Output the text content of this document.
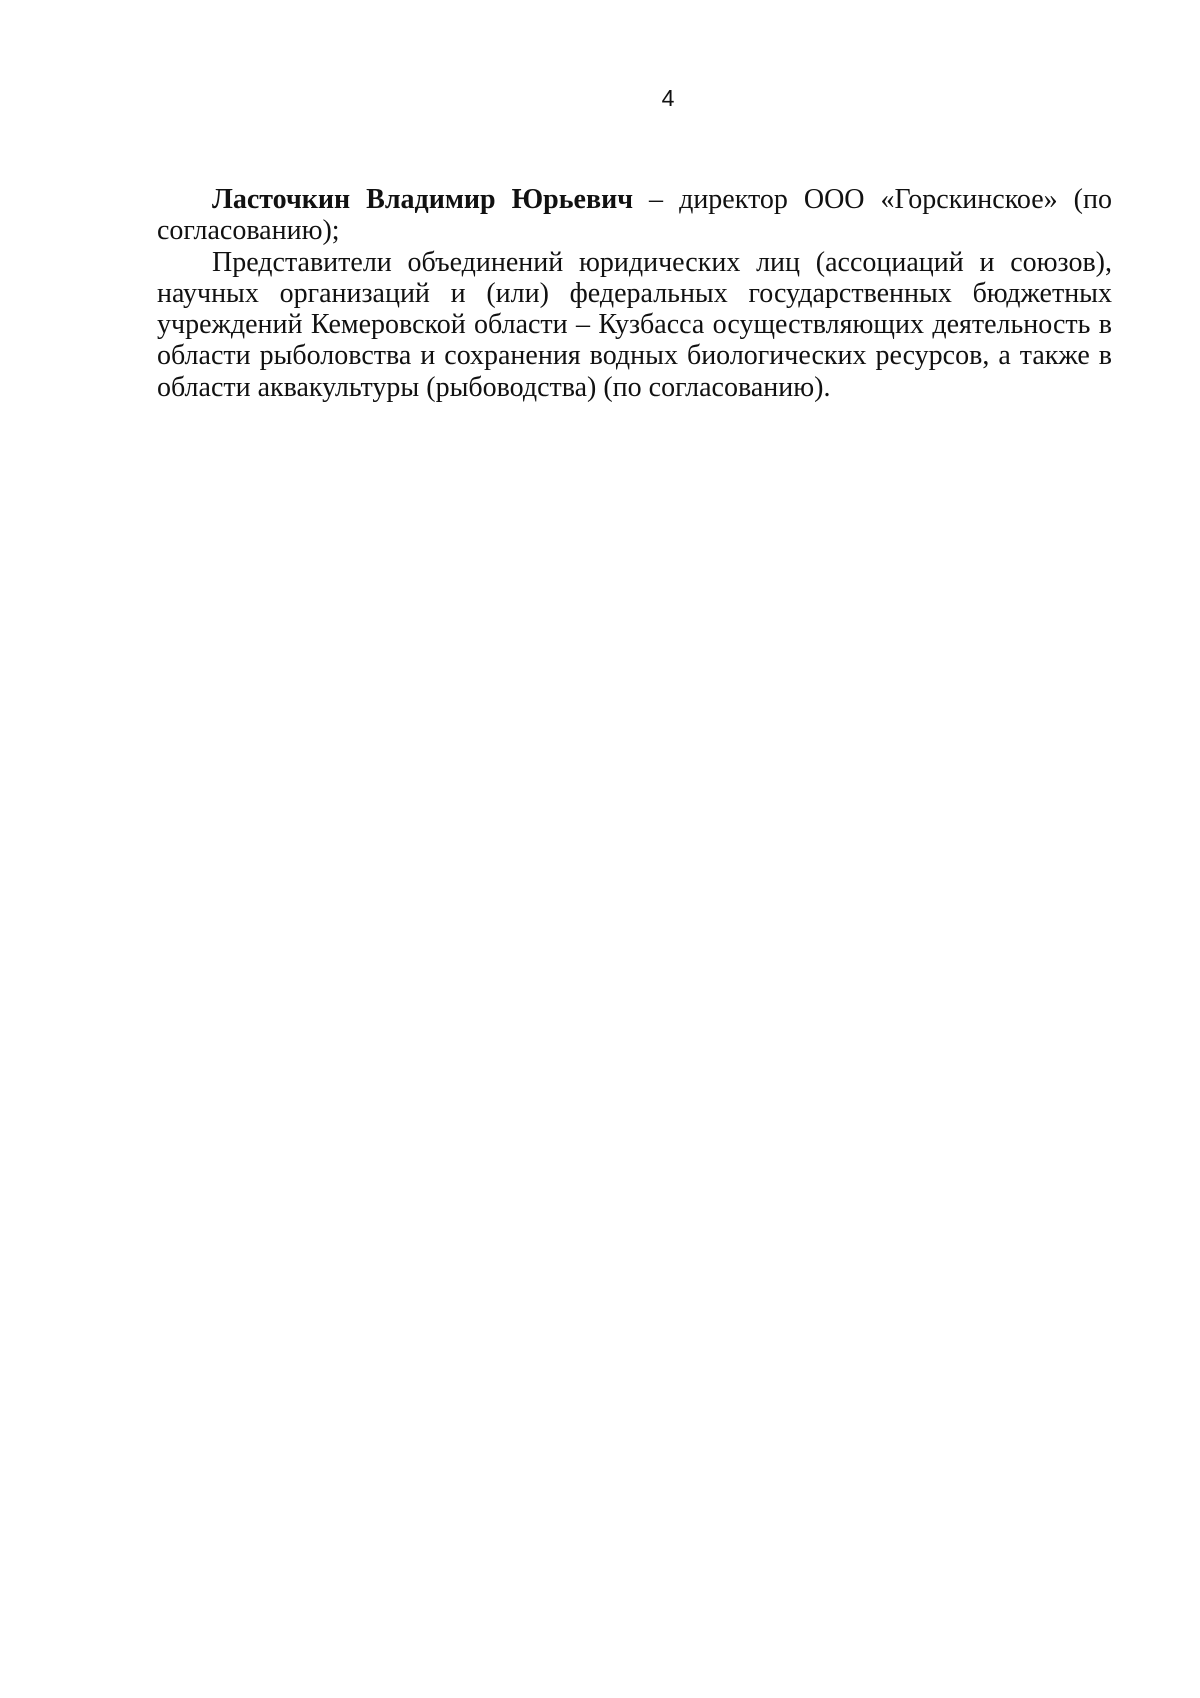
4

Ласточкин Владимир Юрьевич – директор ООО «Горскинское» (по согласованию);

Представители объединений юридических лиц (ассоциаций и союзов), научных организаций и (или) федеральных государственных бюджетных учреждений Кемеровской области – Кузбасса осуществляющих деятельность в области рыболовства и сохранения водных биологических ресурсов, а также в области аквакультуры (рыбоводства) (по согласованию).
